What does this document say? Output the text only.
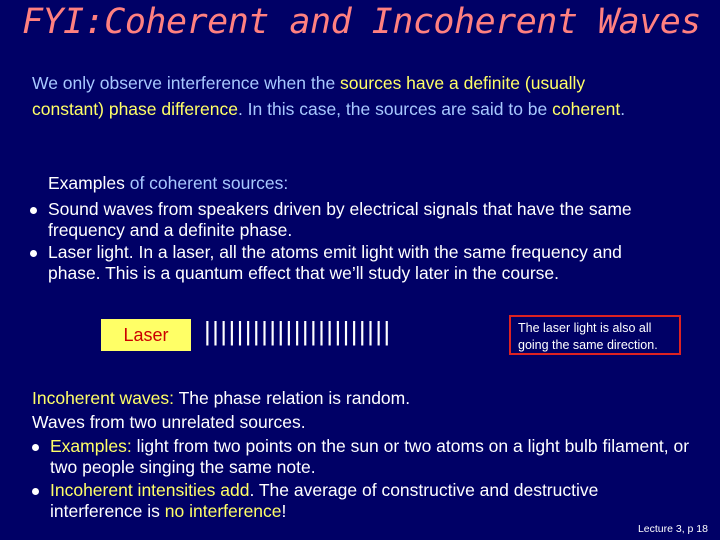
FYI:Coherent and Incoherent Waves
We only observe interference when the sources have a definite (usually constant) phase difference. In this case, the sources are said to be coherent.
Examples of coherent sources:
Sound waves from speakers driven by electrical signals that have the same frequency and a definite phase.
Laser light. In a laser, all the atoms emit light with the same frequency and phase. This is a quantum effect that we’ll study later in the course.
Laser |||||||||||||||||||||||	The laser light is also all going the same direction.
Incoherent waves: The phase relation is random.
Waves from two unrelated sources.
Examples: light from two points on the sun or two atoms on a light bulb filament, or two people singing the same note.
Incoherent intensities add. The average of constructive and destructive interference is no interference!
Lecture 3, p 18
